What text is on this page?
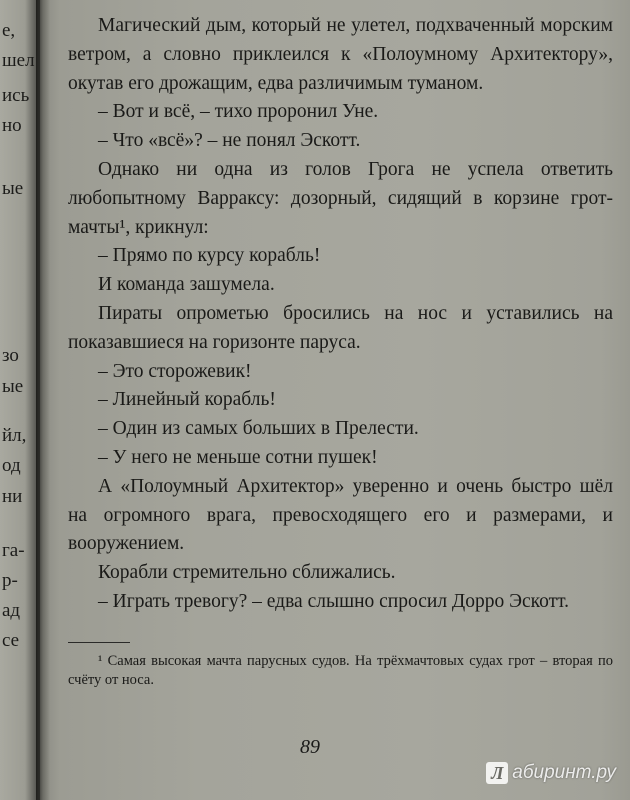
е,
шел
ись
но
ые
зо
ые
йл,
од
ни
га-
р-
ад
се

Магический дым, который не улетел, подхваченный морским ветром, а словно приклеился к «Полоумному Архитектору», окутав его дрожащим, едва различимым туманом.

– Вот и всё, – тихо проронил Уне.

– Что «всё»? – не понял Эскотт.

Однако ни одна из голов Грога не успела ответить любопытному Варраксу: дозорный, сидящий в корзине грот-мачты¹, крикнул:

– Прямо по курсу корабль!

И команда зашумела.

Пираты опрометью бросились на нос и уставились на показавшиеся на горизонте паруса.

– Это сторожевик!

– Линейный корабль!

– Один из самых больших в Прелести.

– У него не меньше сотни пушек!

А «Полоумный Архитектор» уверенно и очень быстро шёл на огромного врага, превосходящего его и размерами, и вооружением.

Корабли стремительно сближались.

– Играть тревогу? – едва слышно спросил Дорро Эскотт.

¹ Самая высокая мачта парусных судов. На трёхмачтовых судах грот – вторая по счёту от носа.

89
Л абиринт.ру
